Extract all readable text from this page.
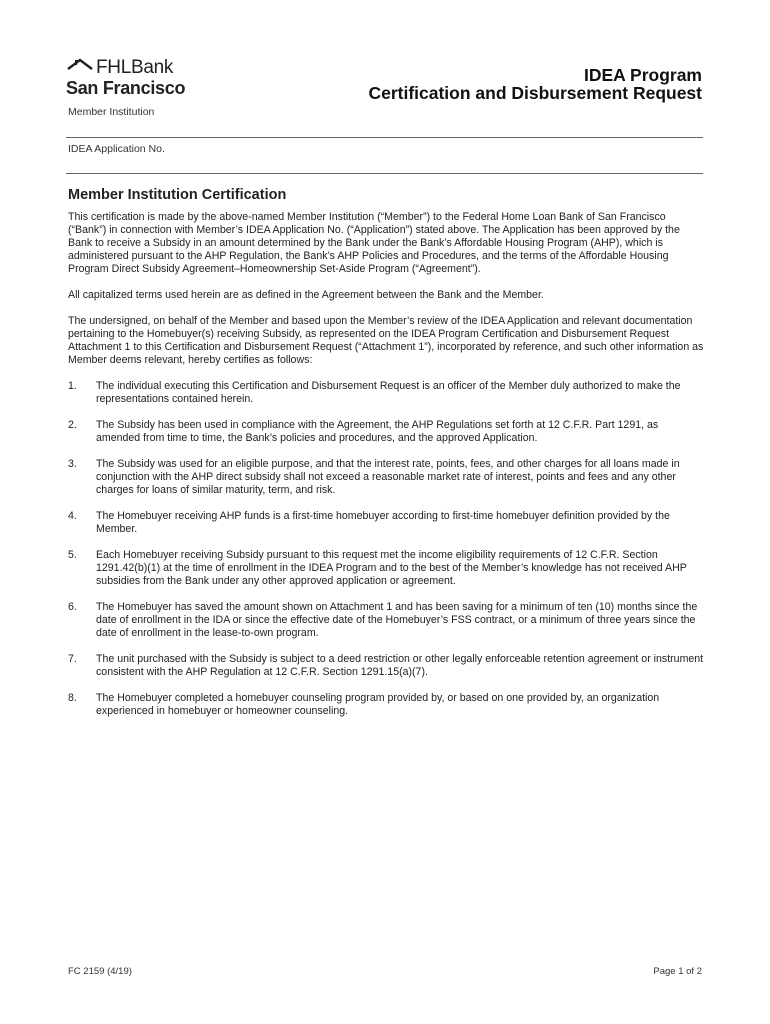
FHLBank
San Francisco
IDEA Program
Certification and Disbursement Request
Member Institution
IDEA Application No.
Member Institution Certification

This certification is made by the above-named Member Institution (“Member”) to the Federal Home Loan Bank of San Francisco (“Bank”) in connection with Member’s IDEA Application No. (“Application”) stated above. The Application has been approved by the Bank to receive a Subsidy in an amount determined by the Bank under the Bank’s Affordable Housing Program (AHP), which is administered pursuant to the AHP Regulation, the Bank’s AHP Policies and Procedures, and the terms of the Affordable Housing Program Direct Subsidy Agreement–Homeownership Set-Aside Program (“Agreement”).

All capitalized terms used herein are as defined in the Agreement between the Bank and the Member.

The undersigned, on behalf of the Member and based upon the Member’s review of the IDEA Application and relevant documentation pertaining to the Homebuyer(s) receiving Subsidy, as represented on the IDEA Program Certification and Disbursement Request Attachment 1 to this Certification and Disbursement Request (“Attachment 1”), incorporated by reference, and such other information as Member deems relevant, hereby certifies as follows:

1.	The individual executing this Certification and Disbursement Request is an officer of the Member duly authorized to make the representations contained herein.
2.	The Subsidy has been used in compliance with the Agreement, the AHP Regulations set forth at 12 C.F.R. Part 1291, as amended from time to time, the Bank’s policies and procedures, and the approved Application.
3.	The Subsidy was used for an eligible purpose, and that the interest rate, points, fees, and other charges for all loans made in conjunction with the AHP direct subsidy shall not exceed a reasonable market rate of interest, points and fees and any other charges for loans of similar maturity, term, and risk.
4.	The Homebuyer receiving AHP funds is a first-time homebuyer according to first-time homebuyer definition provided by the Member.
5.	Each Homebuyer receiving Subsidy pursuant to this request met the income eligibility requirements of 12 C.F.R. Section 1291.42(b)(1) at the time of enrollment in the IDEA Program and to the best of the Member’s knowledge has not received AHP subsidies from the Bank under any other approved application or agreement.
6.	The Homebuyer has saved the amount shown on Attachment 1 and has been saving for a minimum of ten (10) months since the date of enrollment in the IDA or since the effective date of the Homebuyer’s FSS contract, or a minimum of three years since the date of enrollment in the lease-to-own program.
7.	The unit purchased with the Subsidy is subject to a deed restriction or other legally enforceable retention agreement or instrument consistent with the AHP Regulation at 12 C.F.R. Section 1291.15(a)(7).
8.	The Homebuyer completed a homebuyer counseling program provided by, or based on one provided by, an organization experienced in homebuyer or homeowner counseling.
FC 2159 (4/19)	Page 1 of 2
